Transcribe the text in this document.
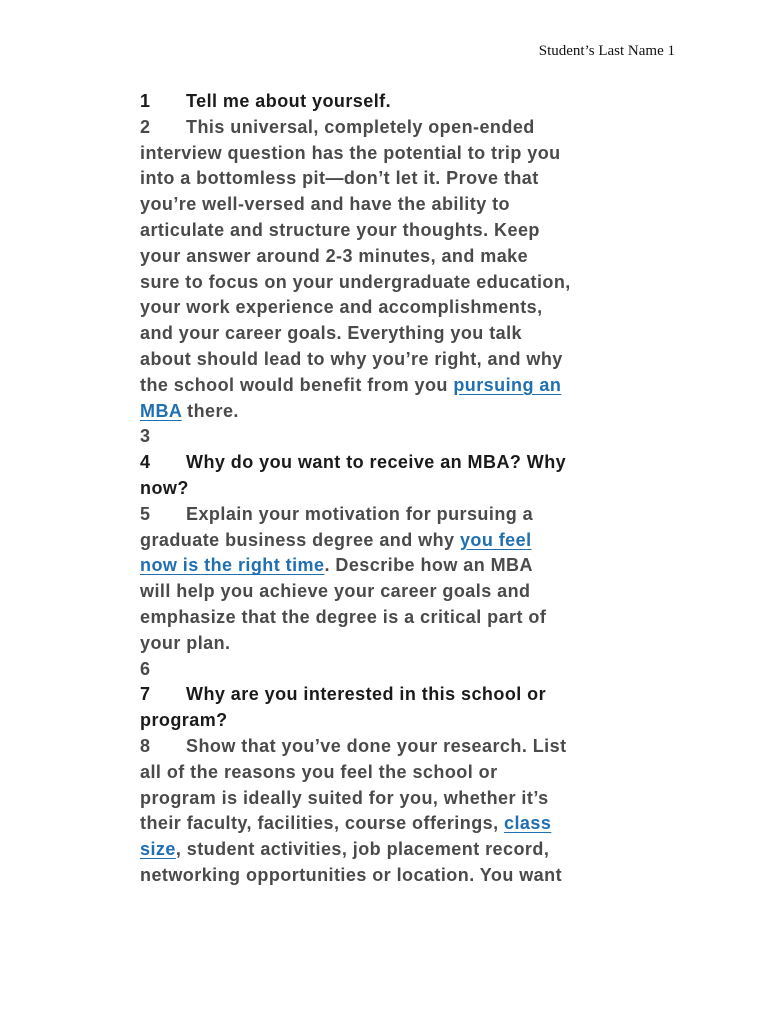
Student’s Last Name 1
1 Tell me about yourself.
2 This universal, completely open-ended
interview question has the potential to trip you
into a bottomless pit—don’t let it. Prove that
you’re well-versed and have the ability to
articulate and structure your thoughts. Keep
your answer around 2-3 minutes, and make
sure to focus on your undergraduate education,
your work experience and accomplishments,
and your career goals. Everything you talk
about should lead to why you’re right, and why
the school would benefit from you pursuing an
MBA there.
3
4 Why do you want to receive an MBA? Why
now?
5 Explain your motivation for pursuing a
graduate business degree and why you feel
now is the right time. Describe how an MBA
will help you achieve your career goals and
emphasize that the degree is a critical part of
your plan.
6
7 Why are you interested in this school or
program?
8 Show that you’ve done your research. List
all of the reasons you feel the school or
program is ideally suited for you, whether it’s
their faculty, facilities, course offerings, class
size, student activities, job placement record,
networking opportunities or location. You want
